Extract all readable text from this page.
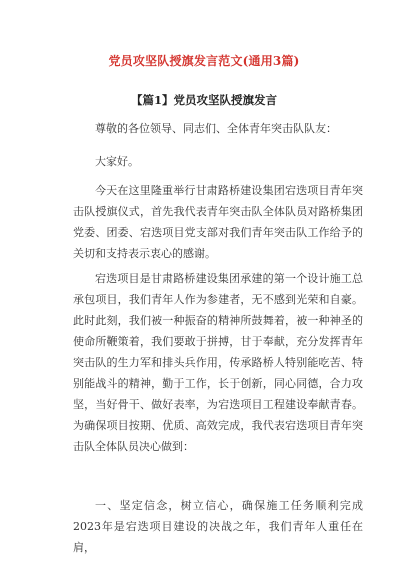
党员攻坚队授旗发言范文(通用3篇)
【篇1】党员攻坚队授旗发言

尊敬的各位领导、同志们、全体青年突击队队友：

大家好。

今天在这里隆重举行甘肃路桥建设集团宕迭项目青年突击队授旗仪式，首先我代表青年突击队全体队员对路桥集团党委、团委、宕迭项目党支部对我们青年突击队工作给予的关切和支持表示衷心的感谢。

宕迭项目是甘肃路桥建设集团承建的第一个设计施工总承包项目，我们青年人作为参建者，无不感到光荣和自豪。此时此刻，我们被一种振奋的精神所鼓舞着，被一种神圣的使命所鞭策着，我们要敢于拼搏，甘于奉献，充分发挥青年突击队的生力军和排头兵作用，传承路桥人特别能吃苦、特别能战斗的精神，勤于工作，长于创新，同心同德，合力攻坚，当好骨干、做好表率，为宕迭项目工程建设奉献青春。为确保项目按期、优质、高效完成，我代表宕迭项目青年突击队全体队员决心做到：

一、坚定信念，树立信心，确保施工任务顺利完成2023年是宕迭项目建设的决战之年，我们青年人重任在肩，
